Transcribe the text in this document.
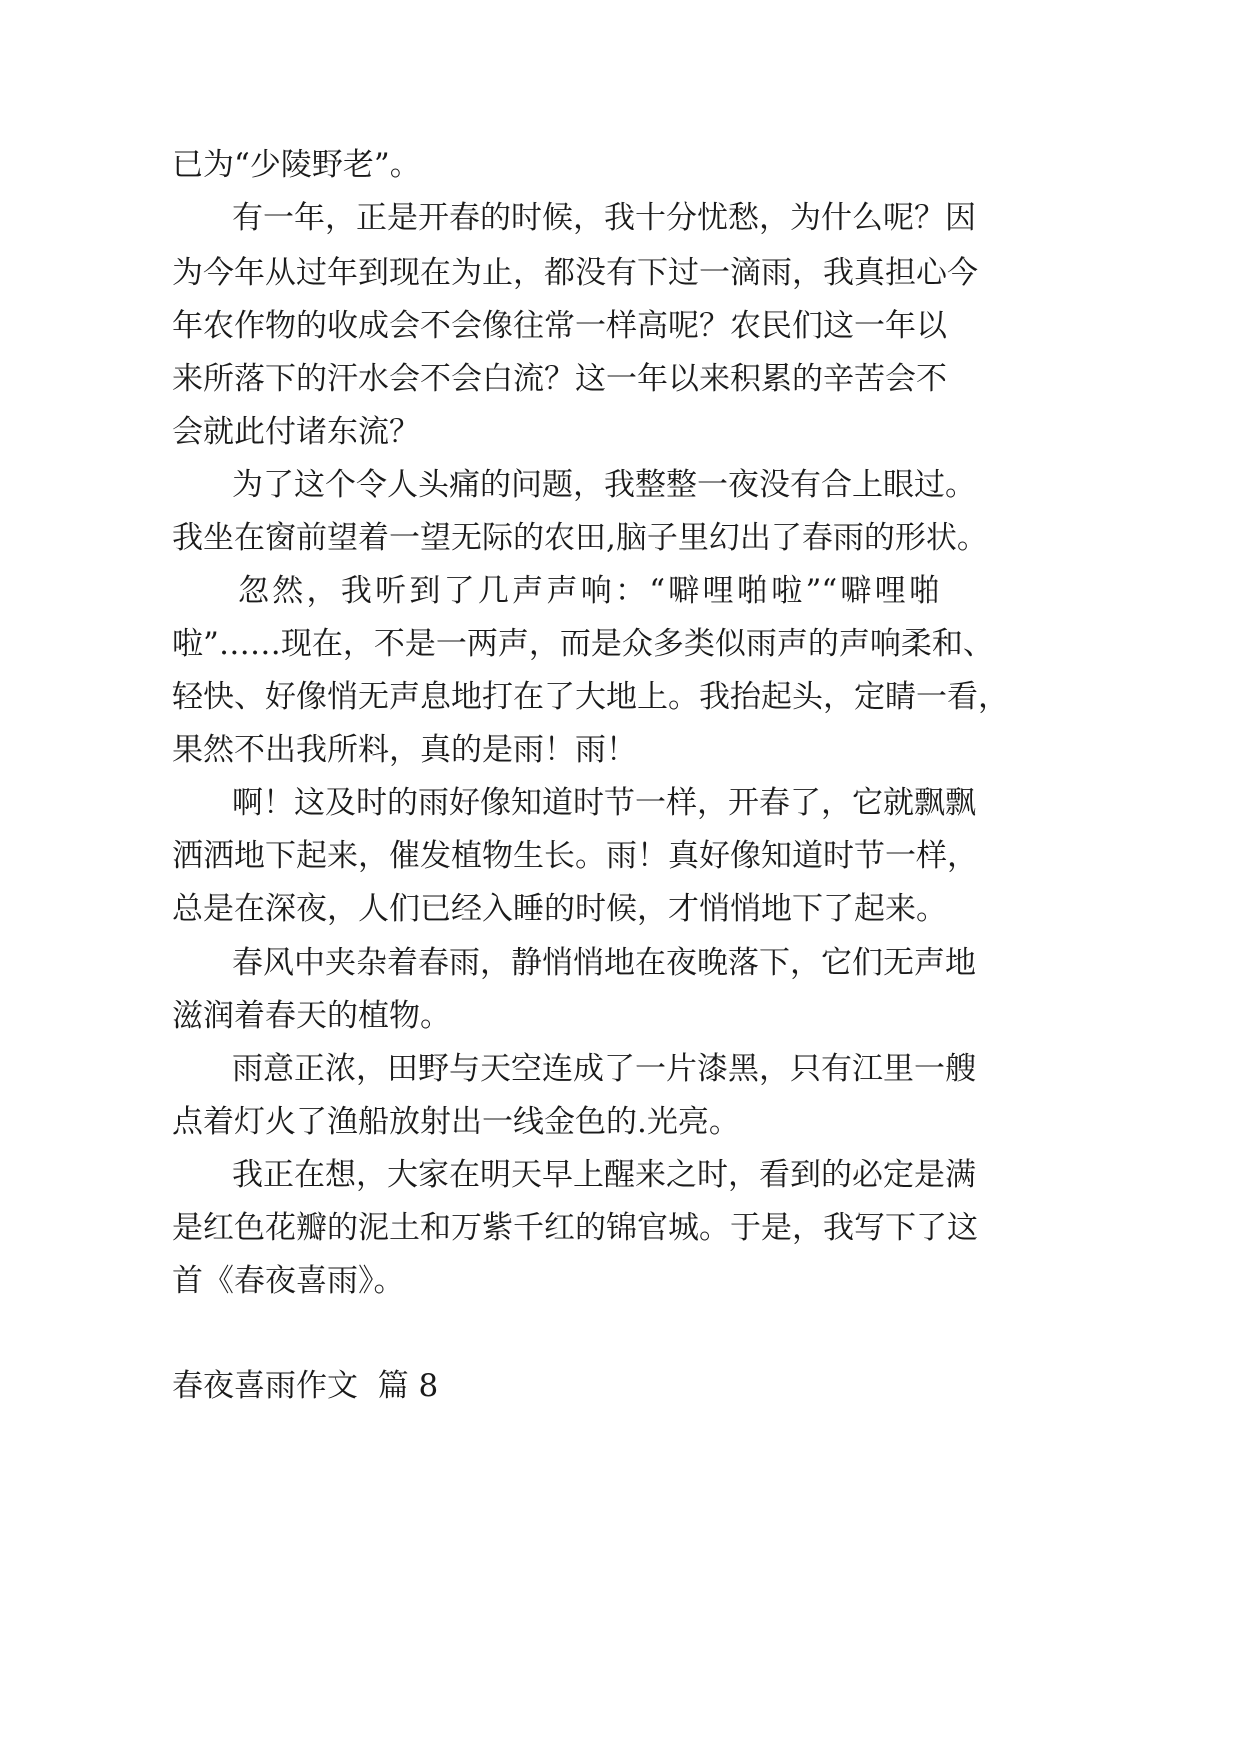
已为“少陵野老”。
有一年，正是开春的时候，我十分忧愁，为什么呢？因
为今年从过年到现在为止，都没有下过一滴雨，我真担心今
年农作物的收成会不会像往常一样高呢？农民们这一年以
来所落下的汗水会不会白流？这一年以来积累的辛苦会不
会就此付诸东流？
为了这个令人头痛的问题，我整整一夜没有合上眼过。
我坐在窗前望着一望无际的农田,脑子里幻出了春雨的形状。
忽然，我听到了几声声响：“噼哩啪啦”“噼哩啪
啦”……现在，不是一两声，而是众多类似雨声的声响柔和、
轻快、好像悄无声息地打在了大地上。我抬起头，定睛一看，
果然不出我所料，真的是雨！雨！
啊！这及时的雨好像知道时节一样，开春了，它就飘飘
洒洒地下起来，催发植物生长。雨！真好像知道时节一样，
总是在深夜，人们已经入睡的时候，才悄悄地下了起来。
春风中夹杂着春雨，静悄悄地在夜晚落下，它们无声地
滋润着春天的植物。
雨意正浓，田野与天空连成了一片漆黑，只有江里一艘
点着灯火了渔船放射出一线金色的.光亮。
我正在想，大家在明天早上醒来之时，看到的必定是满
是红色花瓣的泥土和万紫千红的锦官城。于是，我写下了这
首《春夜喜雨》。
春夜喜雨作文  篇 8
